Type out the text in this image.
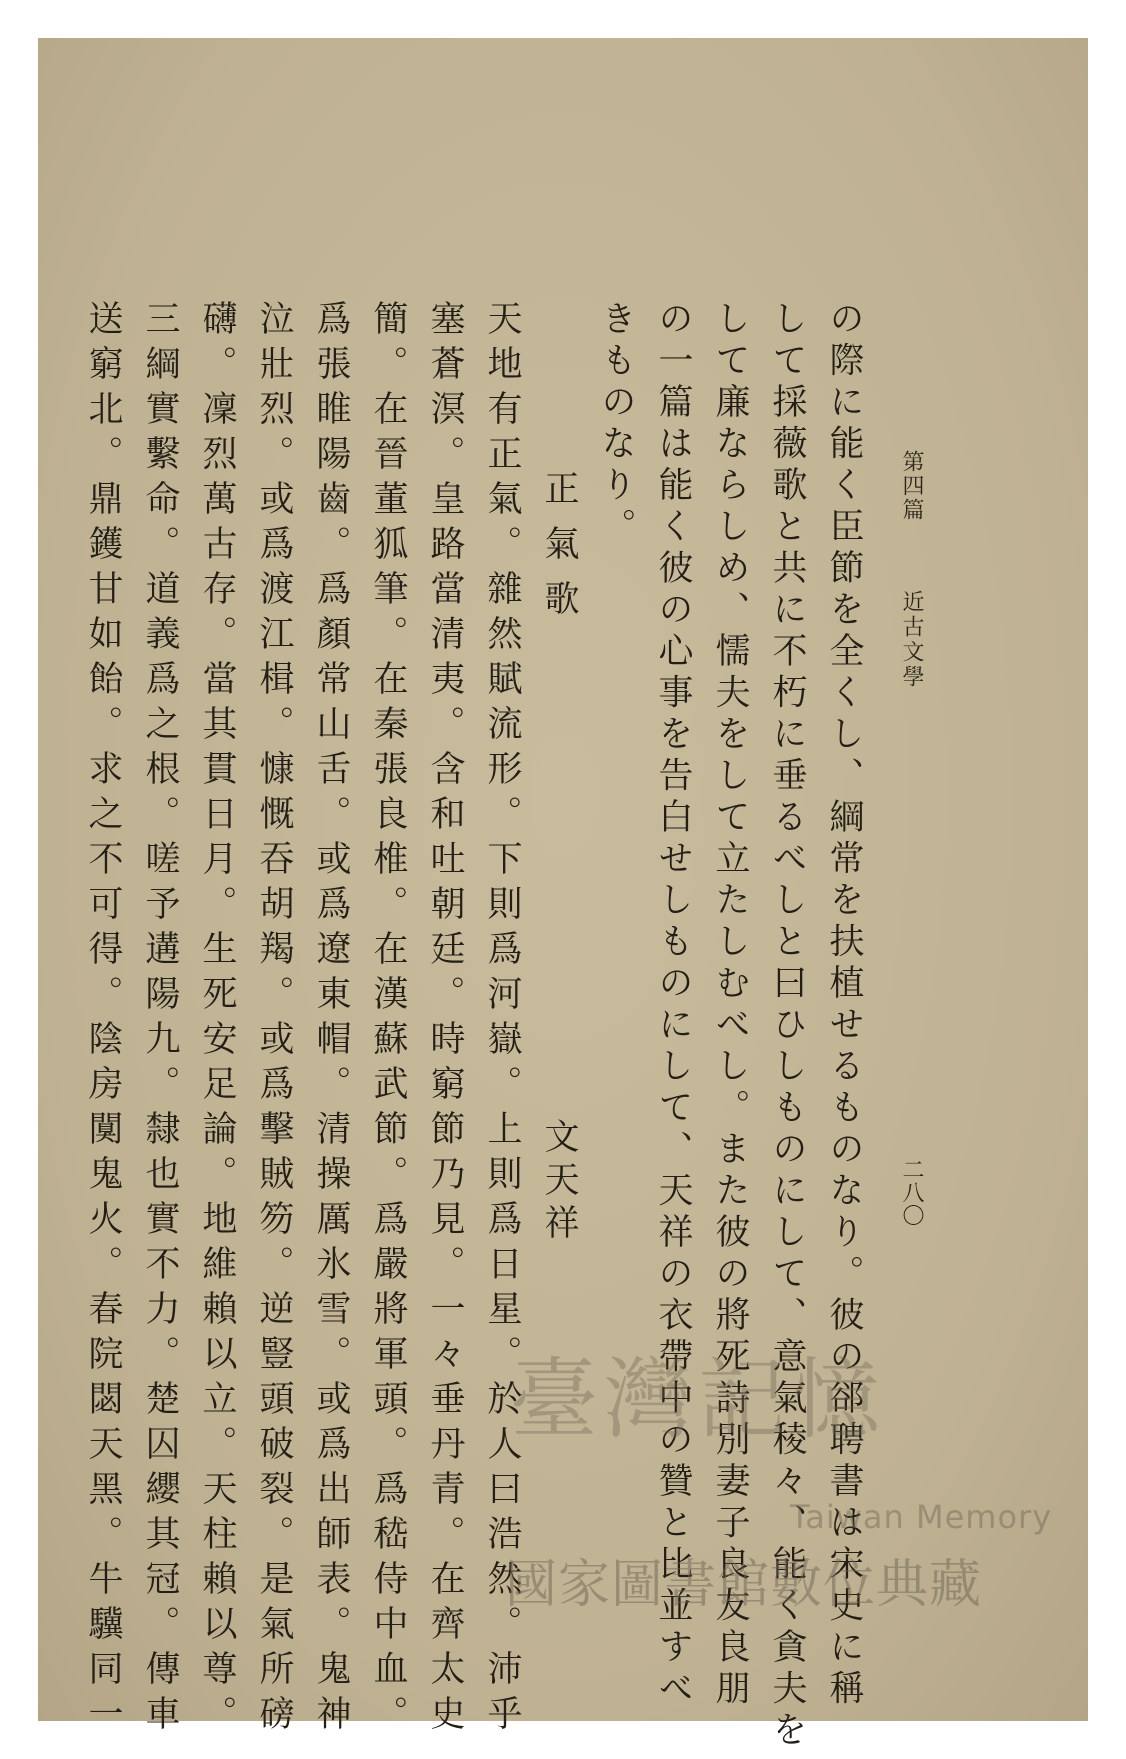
第四篇
近古文學
二八〇
の際に能く臣節を全くし、綱常を扶植せるものなり。彼の郤聘書は宋史に稱
して採薇歌と共に不朽に垂るべしと曰ひしものにして、意氣稜々、能く貪夫を
して廉ならしめ、懦夫をして立たしむべし。また彼の將死詩別妻子良友良朋
の一篇は能く彼の心事を告白せしものにして、天祥の衣帶中の贊と比並すべ
きものなり。
正氣歌
文天祥
天地有正氣。雜然賦流形。下則爲河嶽。上則爲日星。於人曰浩然。沛乎
塞蒼溟。皇路當清夷。含和吐朝廷。時窮節乃見。一々垂丹青。在齊太史
簡。在晉董狐筆。在秦張良椎。在漢蘇武節。爲嚴將軍頭。爲嵇侍中血。
爲張睢陽齒。爲顏常山舌。或爲遼東帽。清操厲氷雪。或爲出師表。鬼神
泣壯烈。或爲渡江楫。慷慨吞胡羯。或爲擊賊笏。逆豎頭破裂。是氣所磅
礴。凜烈萬古存。當其貫日月。生死安足論。地維賴以立。天柱賴以尊。
三綱實繫命。道義爲之根。嗟予遘陽九。隸也實不力。楚囚纓其冠。傳車
送窮北。鼎鑊甘如飴。求之不可得。陰房闃鬼火。春院閟天黑。牛驥同一	臺灣記憶
Taiwan Memory
國家圖書館數位典藏
